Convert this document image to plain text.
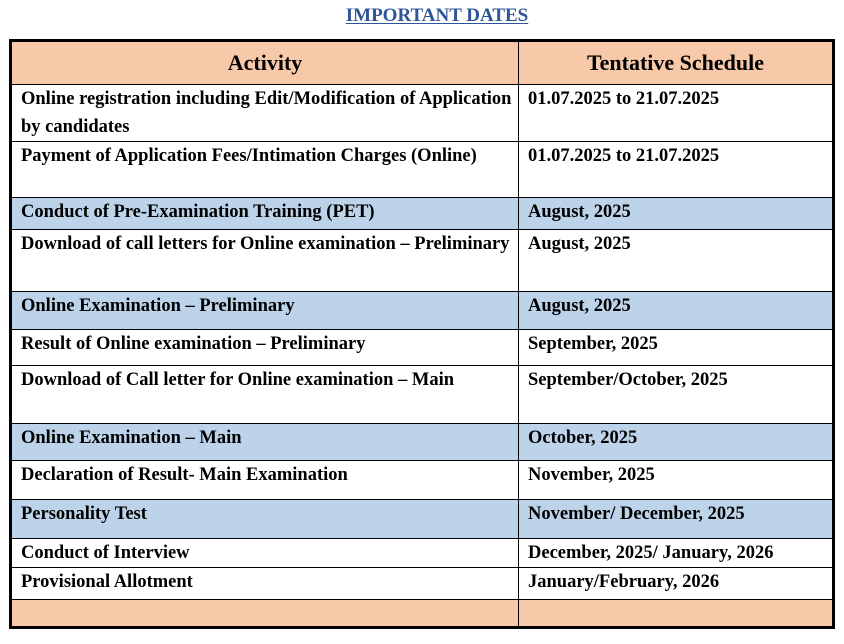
IMPORTANT DATES
Activity	Tentative Schedule
Online registration including Edit/Modification of Application by candidates	01.07.2025 to 21.07.2025
Payment of Application Fees/Intimation Charges (Online)	01.07.2025 to 21.07.2025
Conduct of Pre-Examination Training (PET)	August, 2025
Download of call letters for Online examination – Preliminary	August, 2025
Online Examination – Preliminary	August, 2025
Result of Online examination – Preliminary	September, 2025
Download of Call letter for Online examination – Main	September/October, 2025
Online Examination – Main	October, 2025
Declaration of Result- Main Examination	November, 2025
Personality Test	November/ December, 2025
Conduct of Interview	December, 2025/ January, 2026
Provisional Allotment	January/February, 2026
